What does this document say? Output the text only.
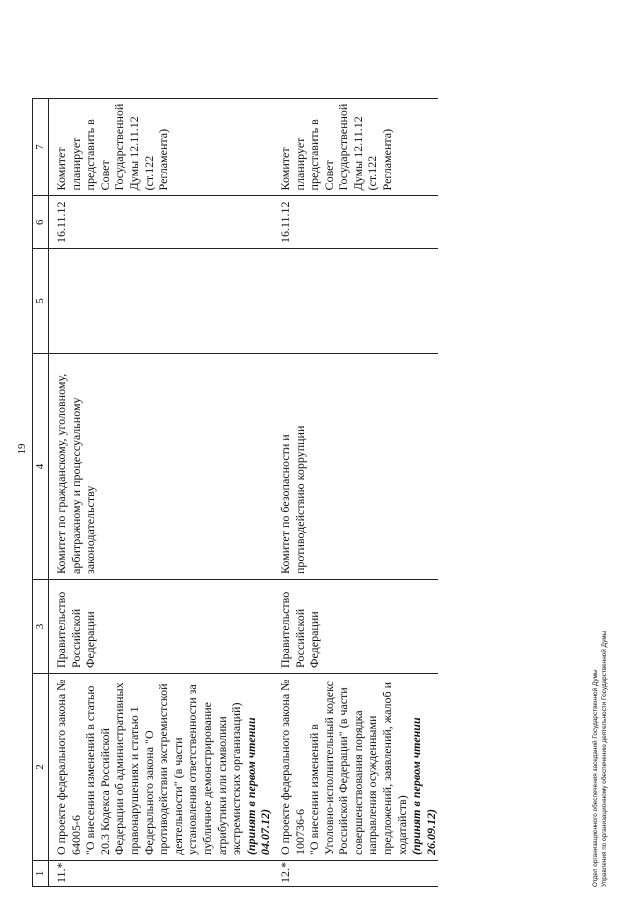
19
1	2	3	4	5	6	7
11.*	О проекте федерального закона № 64005-6 "О внесении изменений в статью 20.3 Кодекса Российской Федерации об административных правонарушениях и статью 1 Федерального закона "О противодействии экстремистской деятельности" (в части установления ответственности за публичное демонстрирование атрибутики или символики экстремистских организаций) (принят в первом чтении 04.07.12)	Правительство Российской Федерации	Комитет по гражданскому, уголовному, арбитражному и процессуальному законодательству		16.11.12	Комитет планирует представить в Совет Государственной Думы 12.11.12 (ст.122 Регламента)
12.*	О проекте федерального закона № 100736-6 "О внесении изменений в Уголовно-исполнительный кодекс Российской Федерации" (в части совершенствования порядка направления осужденными предложений, заявлений, жалоб и ходатайств) (принят в первом чтении 26.09.12)	Правительство Российской Федерации	Комитет по безопасности и противодействию коррупции		16.11.12	Комитет планирует представить в Совет Государственной Думы 12.11.12 (ст.122 Регламента)
Отдел организационного обеспечения заседаний Государственной Думы Управления по организационному обеспечению деятельности Государственной Думы
